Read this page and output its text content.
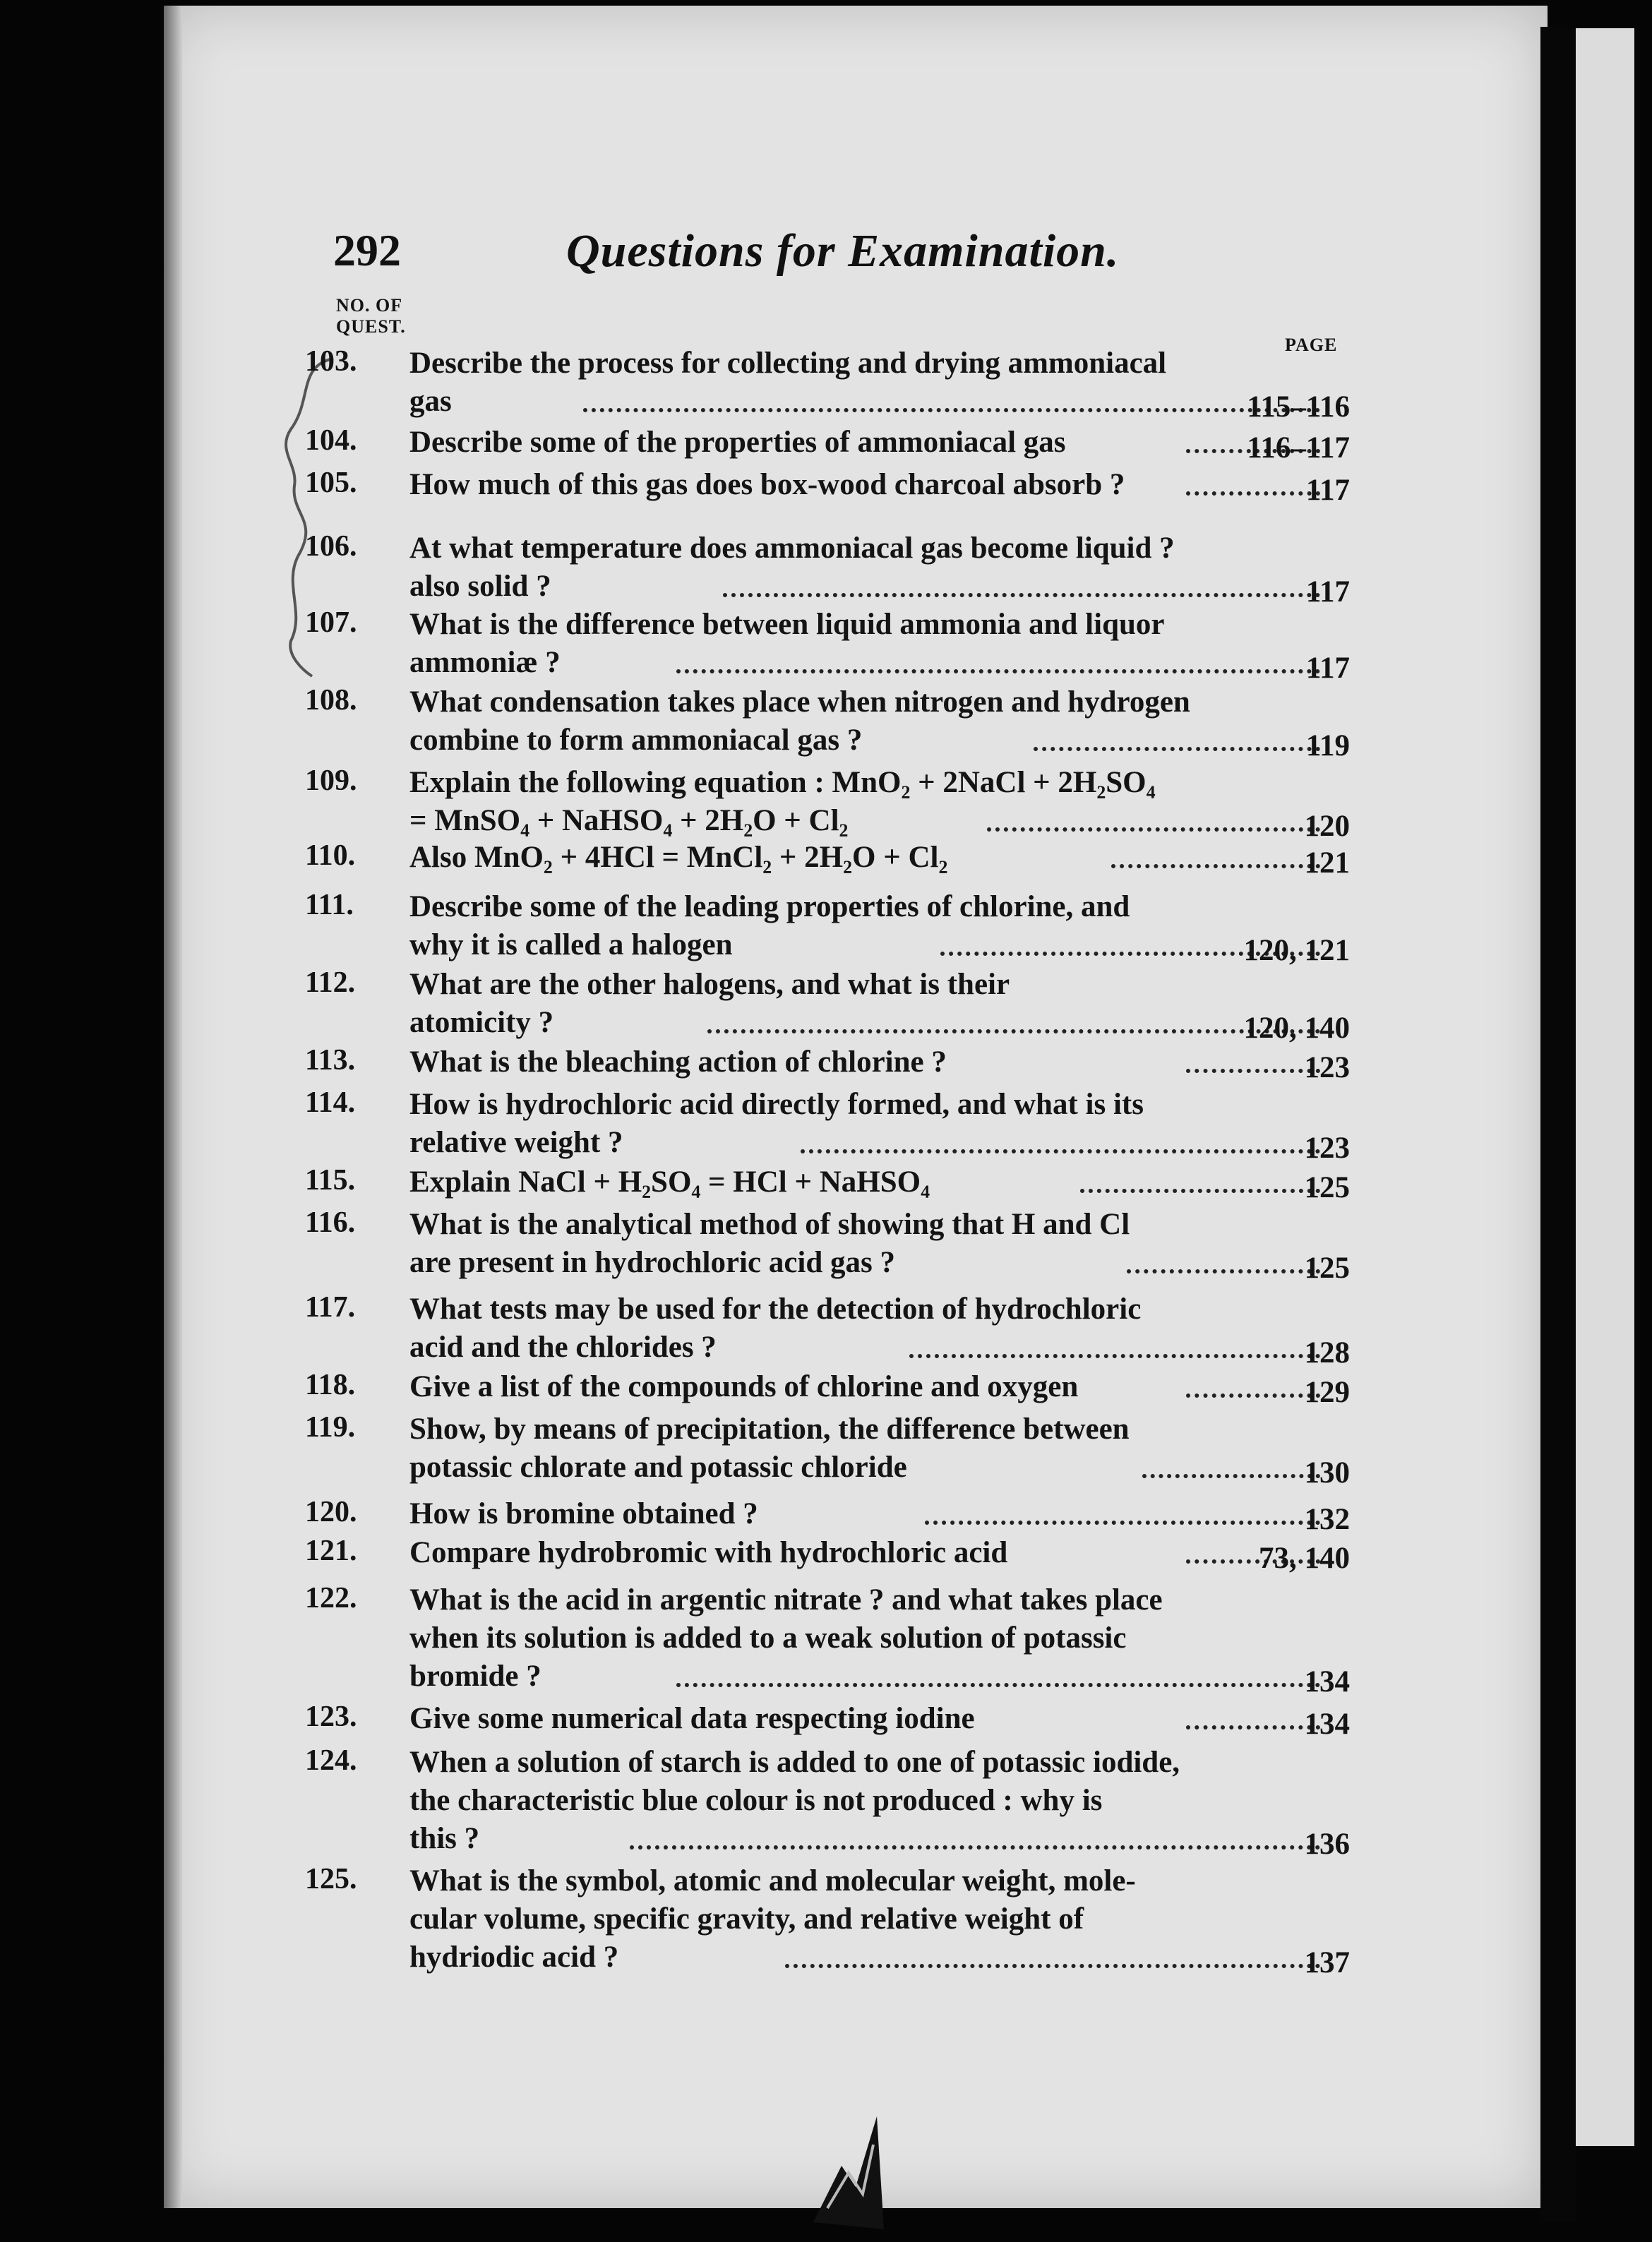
292	Questions for Examination.
NO. OF
QUEST.
PAGE
103.	Describe the process for collecting and drying ammoniacal
gas	115–116
104.	Describe some of the properties of ammoniacal gas	116–117
105.	How much of this gas does box-wood charcoal absorb ?	117
106.	At what temperature does ammoniacal gas become liquid ?
also solid ?	117
107.	What is the difference between liquid ammonia and liquor
ammoniæ ?	117
108.	What condensation takes place when nitrogen and hydrogen
combine to form ammoniacal gas ?	119
109.	Explain the following equation : MnO₂ + 2NaCl + 2H₂SO₄
= MnSO₄ + NaHSO₄ + 2H₂O + Cl₂	120
110.	Also MnO₂ + 4HCl = MnCl₂ + 2H₂O + Cl₂	121
111.	Describe some of the leading properties of chlorine, and
why it is called a halogen	120, 121
112.	What are the other halogens, and what is their
atomicity ?	120, 140
113.	What is the bleaching action of chlorine ?	123
114.	How is hydrochloric acid directly formed, and what is its
relative weight ?	123
115.	Explain NaCl + H₂SO₄ = HCl + NaHSO₄	125
116.	What is the analytical method of showing that H and Cl
are present in hydrochloric acid gas ?	125
117.	What tests may be used for the detection of hydrochloric
acid and the chlorides ?	128
118.	Give a list of the compounds of chlorine and oxygen	129
119.	Show, by means of precipitation, the difference between
potassic chlorate and potassic chloride	130
120.	How is bromine obtained ?	132
121.	Compare hydrobromic with hydrochloric acid	73, 140
122.	What is the acid in argentic nitrate ? and what takes place
when its solution is added to a weak solution of potassic
bromide ?	134
123.	Give some numerical data respecting iodine	134
124.	When a solution of starch is added to one of potassic iodide,
the characteristic blue colour is not produced : why is
this ?	136
125.	What is the symbol, atomic and molecular weight, mole-
cular volume, specific gravity, and relative weight of
hydriodic acid ?	137
